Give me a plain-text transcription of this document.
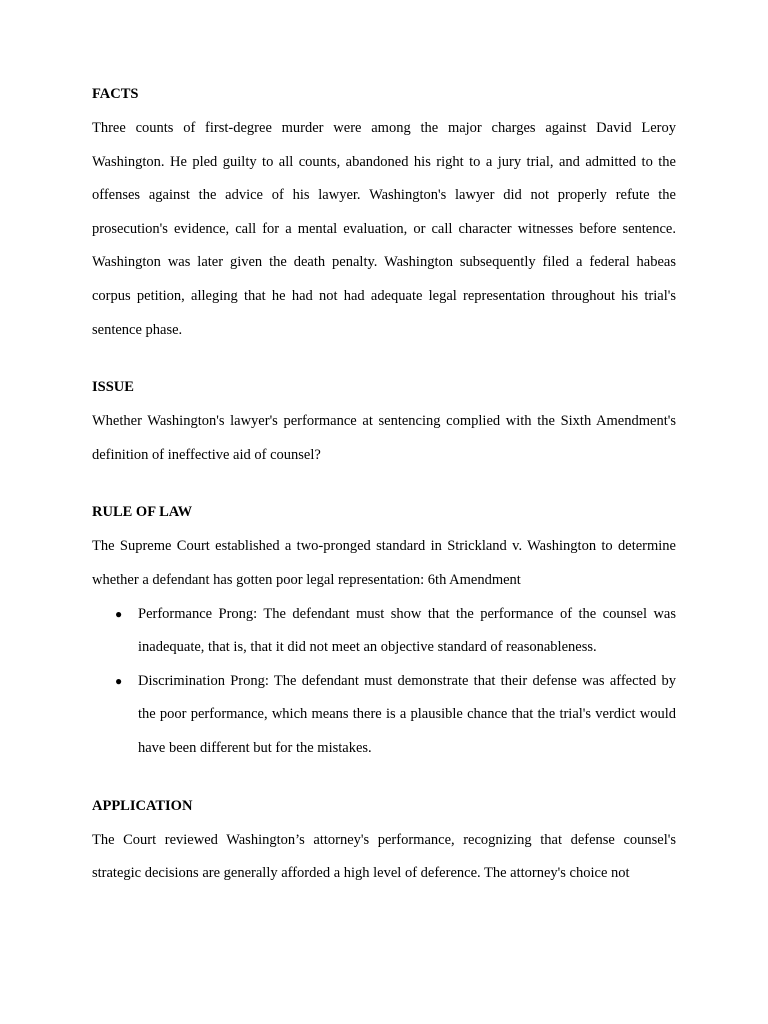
FACTS

Three counts of first-degree murder were among the major charges against David Leroy Washington. He pled guilty to all counts, abandoned his right to a jury trial, and admitted to the offenses against the advice of his lawyer. Washington's lawyer did not properly refute the prosecution's evidence, call for a mental evaluation, or call character witnesses before sentence. Washington was later given the death penalty. Washington subsequently filed a federal habeas corpus petition, alleging that he had not had adequate legal representation throughout his trial's sentence phase.

ISSUE

Whether Washington's lawyer's performance at sentencing complied with the Sixth Amendment's definition of ineffective aid of counsel?

RULE OF LAW

The Supreme Court established a two-pronged standard in Strickland v. Washington to determine whether a defendant has gotten poor legal representation: 6th Amendment

● Performance Prong: The defendant must show that the performance of the counsel was inadequate, that is, that it did not meet an objective standard of reasonableness.
● Discrimination Prong: The defendant must demonstrate that their defense was affected by the poor performance, which means there is a plausible chance that the trial's verdict would have been different but for the mistakes.
APPLICATION

The Court reviewed Washington’s attorney's performance, recognizing that defense counsel's strategic decisions are generally afforded a high level of deference. The attorney's choice not
